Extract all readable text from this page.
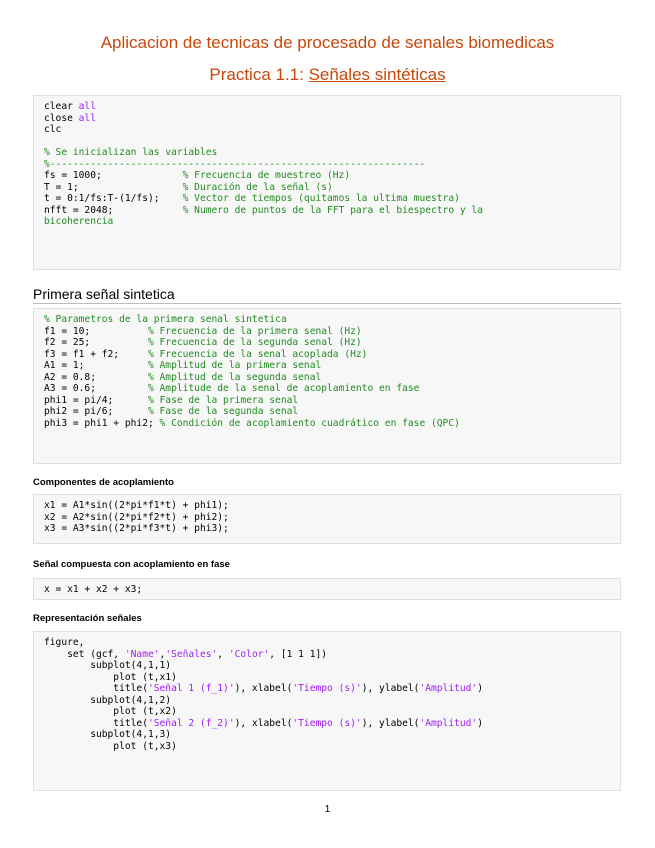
Aplicacion de tecnicas de procesado de senales biomedicas
Practica 1.1: Señales sintéticas
clear all
close all
clc
% Se inicializan las variables
%-----------------------------------------------------------------
fs = 1000;              % Frecuencia de muestreo (Hz)
T = 1;                  % Duración de la señal (s)
t = 0:1/fs:T-(1/fs);    % Vector de tiempos (quitamos la ultima muestra)
nfft = 2048;            % Numero de puntos de la FFT para el biespectro y la
bicoherencia
Primera señal sintetica
% Parametros de la primera senal sintetica
f1 = 10;          % Frecuencia de la primera senal (Hz)
f2 = 25;          % Frecuencia de la segunda senal (Hz)
f3 = f1 + f2;     % Frecuencia de la senal acoplada (Hz)
A1 = 1;           % Amplitud de la primera senal
A2 = 0.8;         % Amplitud de la segunda senal
A3 = 0.6;         % Amplitude de la senal de acoplamiento en fase
phi1 = pi/4;      % Fase de la primera senal
phi2 = pi/6;      % Fase de la segunda senal
phi3 = phi1 + phi2; % Condición de acoplamiento cuadrático en fase (QPC)
Componentes de acoplamiento
x1 = A1*sin((2*pi*f1*t) + phi1);
x2 = A2*sin((2*pi*f2*t) + phi2);
x3 = A3*sin((2*pi*f3*t) + phi3);
Señal compuesta con acoplamiento en fase
x = x1 + x2 + x3;
Representación señales
figure,
set (gcf, 'Name','Señales', 'Color', [1 1 1])
subplot(4,1,1)
plot (t,x1)
title('Señal 1 (f_1)'), xlabel('Tiempo (s)'), ylabel('Amplitud')
subplot(4,1,2)
plot (t,x2)
title('Señal 2 (f_2)'), xlabel('Tiempo (s)'), ylabel('Amplitud')
subplot(4,1,3)
plot (t,x3)
1
